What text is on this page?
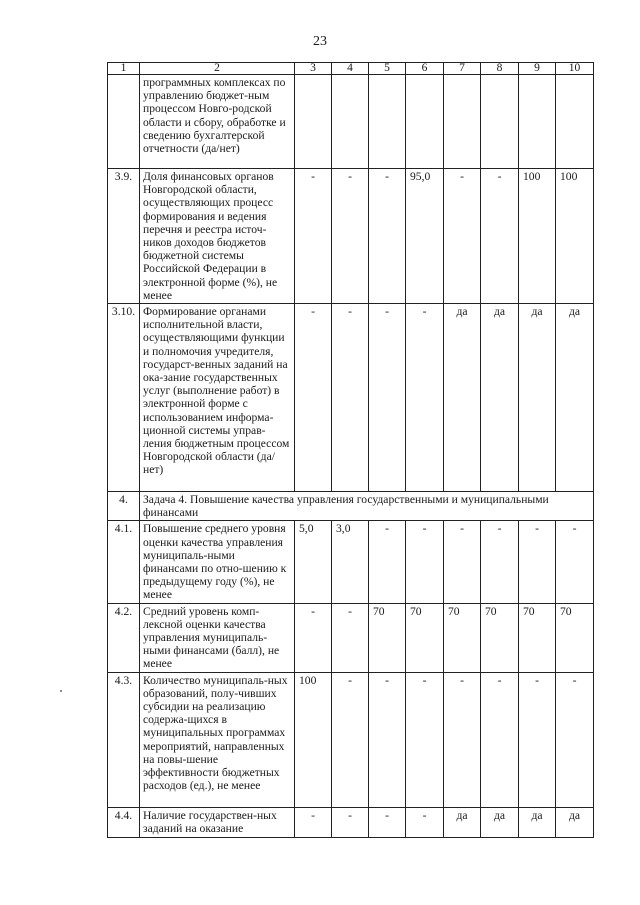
23
1	2	3	4	5	6	7	8	9	10
	программных комплексах по управлению бюджет-ным процессом Новго-родской области и сбору, обработке и сведению бухгалтерской отчетности (да/нет)								
3.9.	Доля финансовых органов Новгородской области, осуществляющих процесс формирования и ведения перечня и реестра источ-ников доходов бюджетов бюджетной системы Российской Федерации в электронной форме (%), не менее	-	-	-	95,0	-	-	100	100
3.10.	Формирование органами исполнительной власти, осуществляющими функции и полномочия учредителя, государст-венных заданий на ока-зание государственных услуг (выполнение работ) в электронной форме с использованием информа-ционной системы управ-ления бюджетным процессом Новгородской области (да/нет)	-	-	-	-	да	да	да	да
4.	Задача 4. Повышение качества управления государственными и муниципальными финансами								
4.1.	Повышение среднего уровня оценки качества управления муниципаль-ными финансами по отно-шению к предыдущему году (%), не менее	5,0	3,0	-	-	-	-	-	-
4.2.	Средний уровень комп-лексной оценки качества управления муниципаль-ными финансами (балл), не менее	-	-	70	70	70	70	70	70
4.3.	Количество муниципаль-ных образований, полу-чивших субсидии на реализацию содержа-щихся в муниципальных программах мероприятий, направленных на повы-шение эффективности бюджетных расходов (ед.), не менее	100	-	-	-	-	-	-	-
4.4.	Наличие государствен-ных заданий на оказание	-	-	-	-	да	да	да	да
